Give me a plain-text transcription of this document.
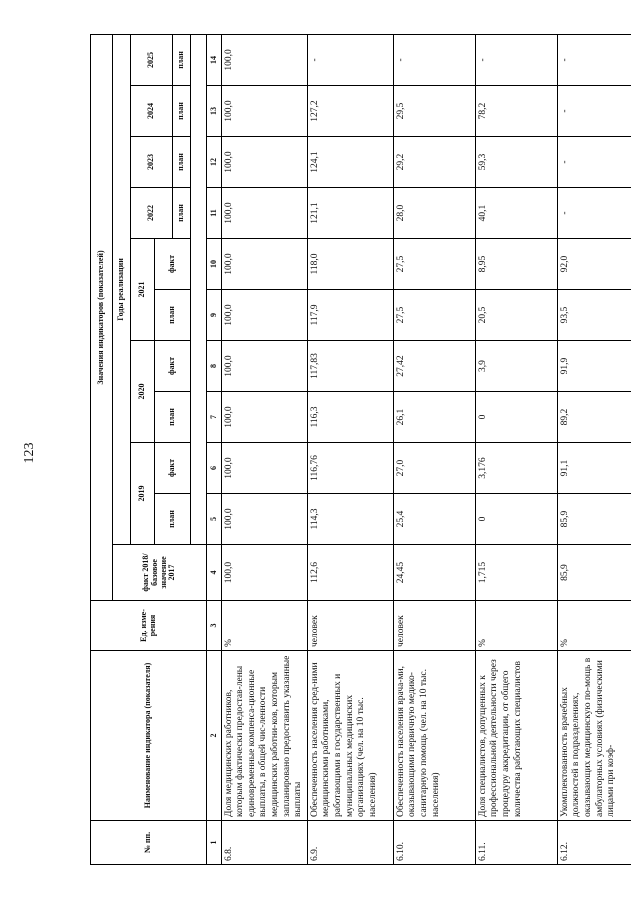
123
№ пп.	Наименование индикатора (показателя)	Ед. изме-рения	Значения индикаторов (показателей)										
			факт 2018/базовое значение 2017	Годы реализации									
				2019		2020		2021		2022	2023	2024	2025
				план	факт	план	факт	план	факт				
										план	план	план	план

1	2	3	4	5	6	7	8	9	10	11	12	13	14
6.8.	Доля медицинских работников, которым фактически предостав-лены единовременные компенса-ционные выплаты, в общей чис-ленности медицинских работни-ков, которым запланировано предоставить указанные выплаты	%	100,0	100,0	100,0	100,0	100,0	100,0	100,0	100,0	100,0	100,0	100,0
6.9.	Обеспеченность населения сред-ними медицинскими работниками, работающими в государственных и муниципальных медицинских организациях (чел. на 10 тыс. населения)	человек	112,6	114,3	116,76	116,3	117,83	117,9	118,0	121,1	124,1	127,2	-
6.10.	Обеспеченность населения врача-ми, оказывающими первичную медико-санитарную помощь (чел. на 10 тыс. населения)	человек	24,45	25,4	27,0	26,1	27,42	27,5	27,5	28,0	29,2	29,5	-
6.11.	Доля специалистов, допущенных к профессиональной деятельности через процедуру аккредитации, от общего количества работающих специалистов	%	1,715	0	3,176	0	3,9	20,5	8,95	40,1	59,3	78,2	-
6.12.	Укомплектованность врачебных должностей в подразделениях, оказывающих медицинскую по-мощь в амбулаторных условиях (физическими лицами при коэф-	%	85,9	85,9	91,1	89,2	91,9	93,5	92,0	-	-	-	-
